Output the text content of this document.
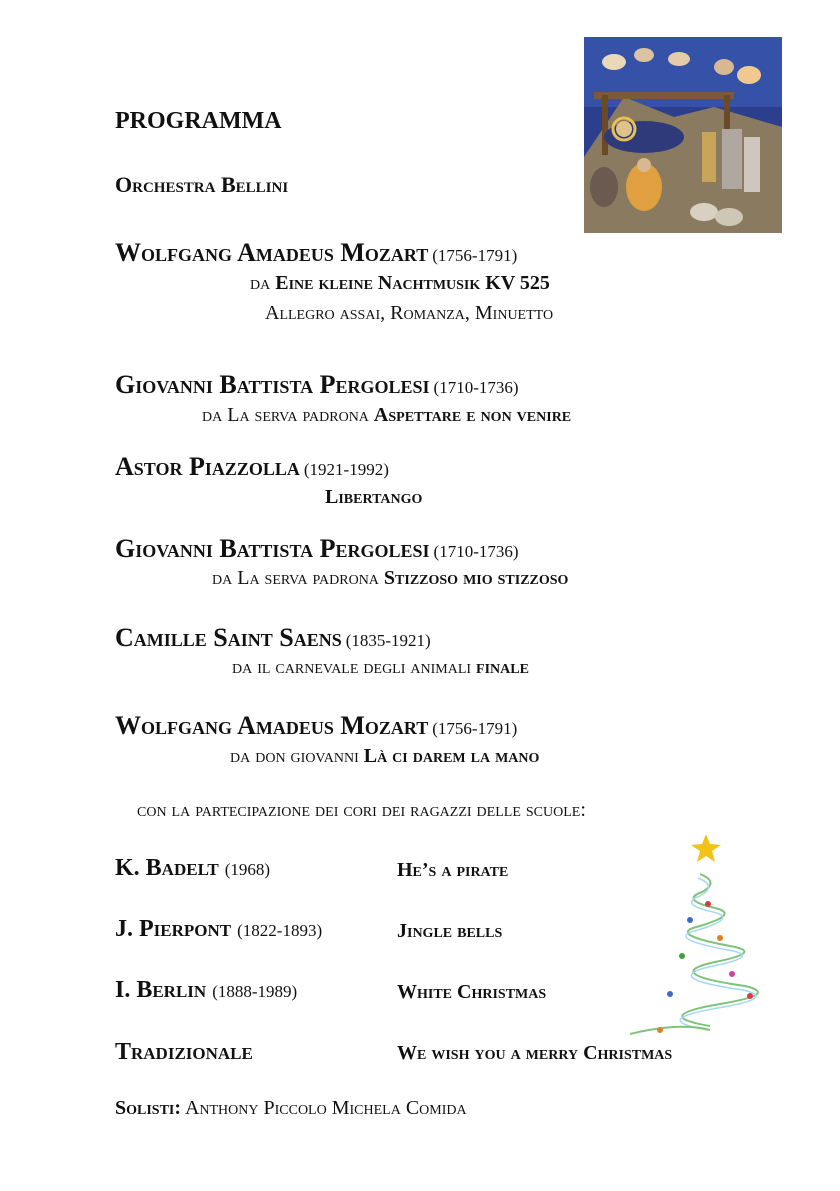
PROGRAMMA
Orchestra Bellini
Wolfgang Amadeus Mozart (1756-1791)
da Eine kleine Nachtmusik KV 525
Allegro assai, Romanza, Minuetto
Giovanni Battista Pergolesi (1710-1736)
da La serva padrona Aspettare e non venire
Astor Piazzolla (1921-1992)
Libertango
Giovanni Battista Pergolesi (1710-1736)
da La serva padrona Stizzoso mio stizzoso
Camille Saint Saens (1835-1921)
da il carnevale degli animali finale
Wolfgang Amadeus Mozart (1756-1791)
da don giovanni Là ci darem la mano
con la partecipazione dei cori dei ragazzi delle scuole:
K. Badelt (1968)	He’s a pirate
J. Pierpont (1822-1893)	Jingle bells
I. Berlin (1888-1989)	White Christmas
Tradizionale	We wish you a merry Christmas
Solisti: Anthony Piccolo Michela Comida
